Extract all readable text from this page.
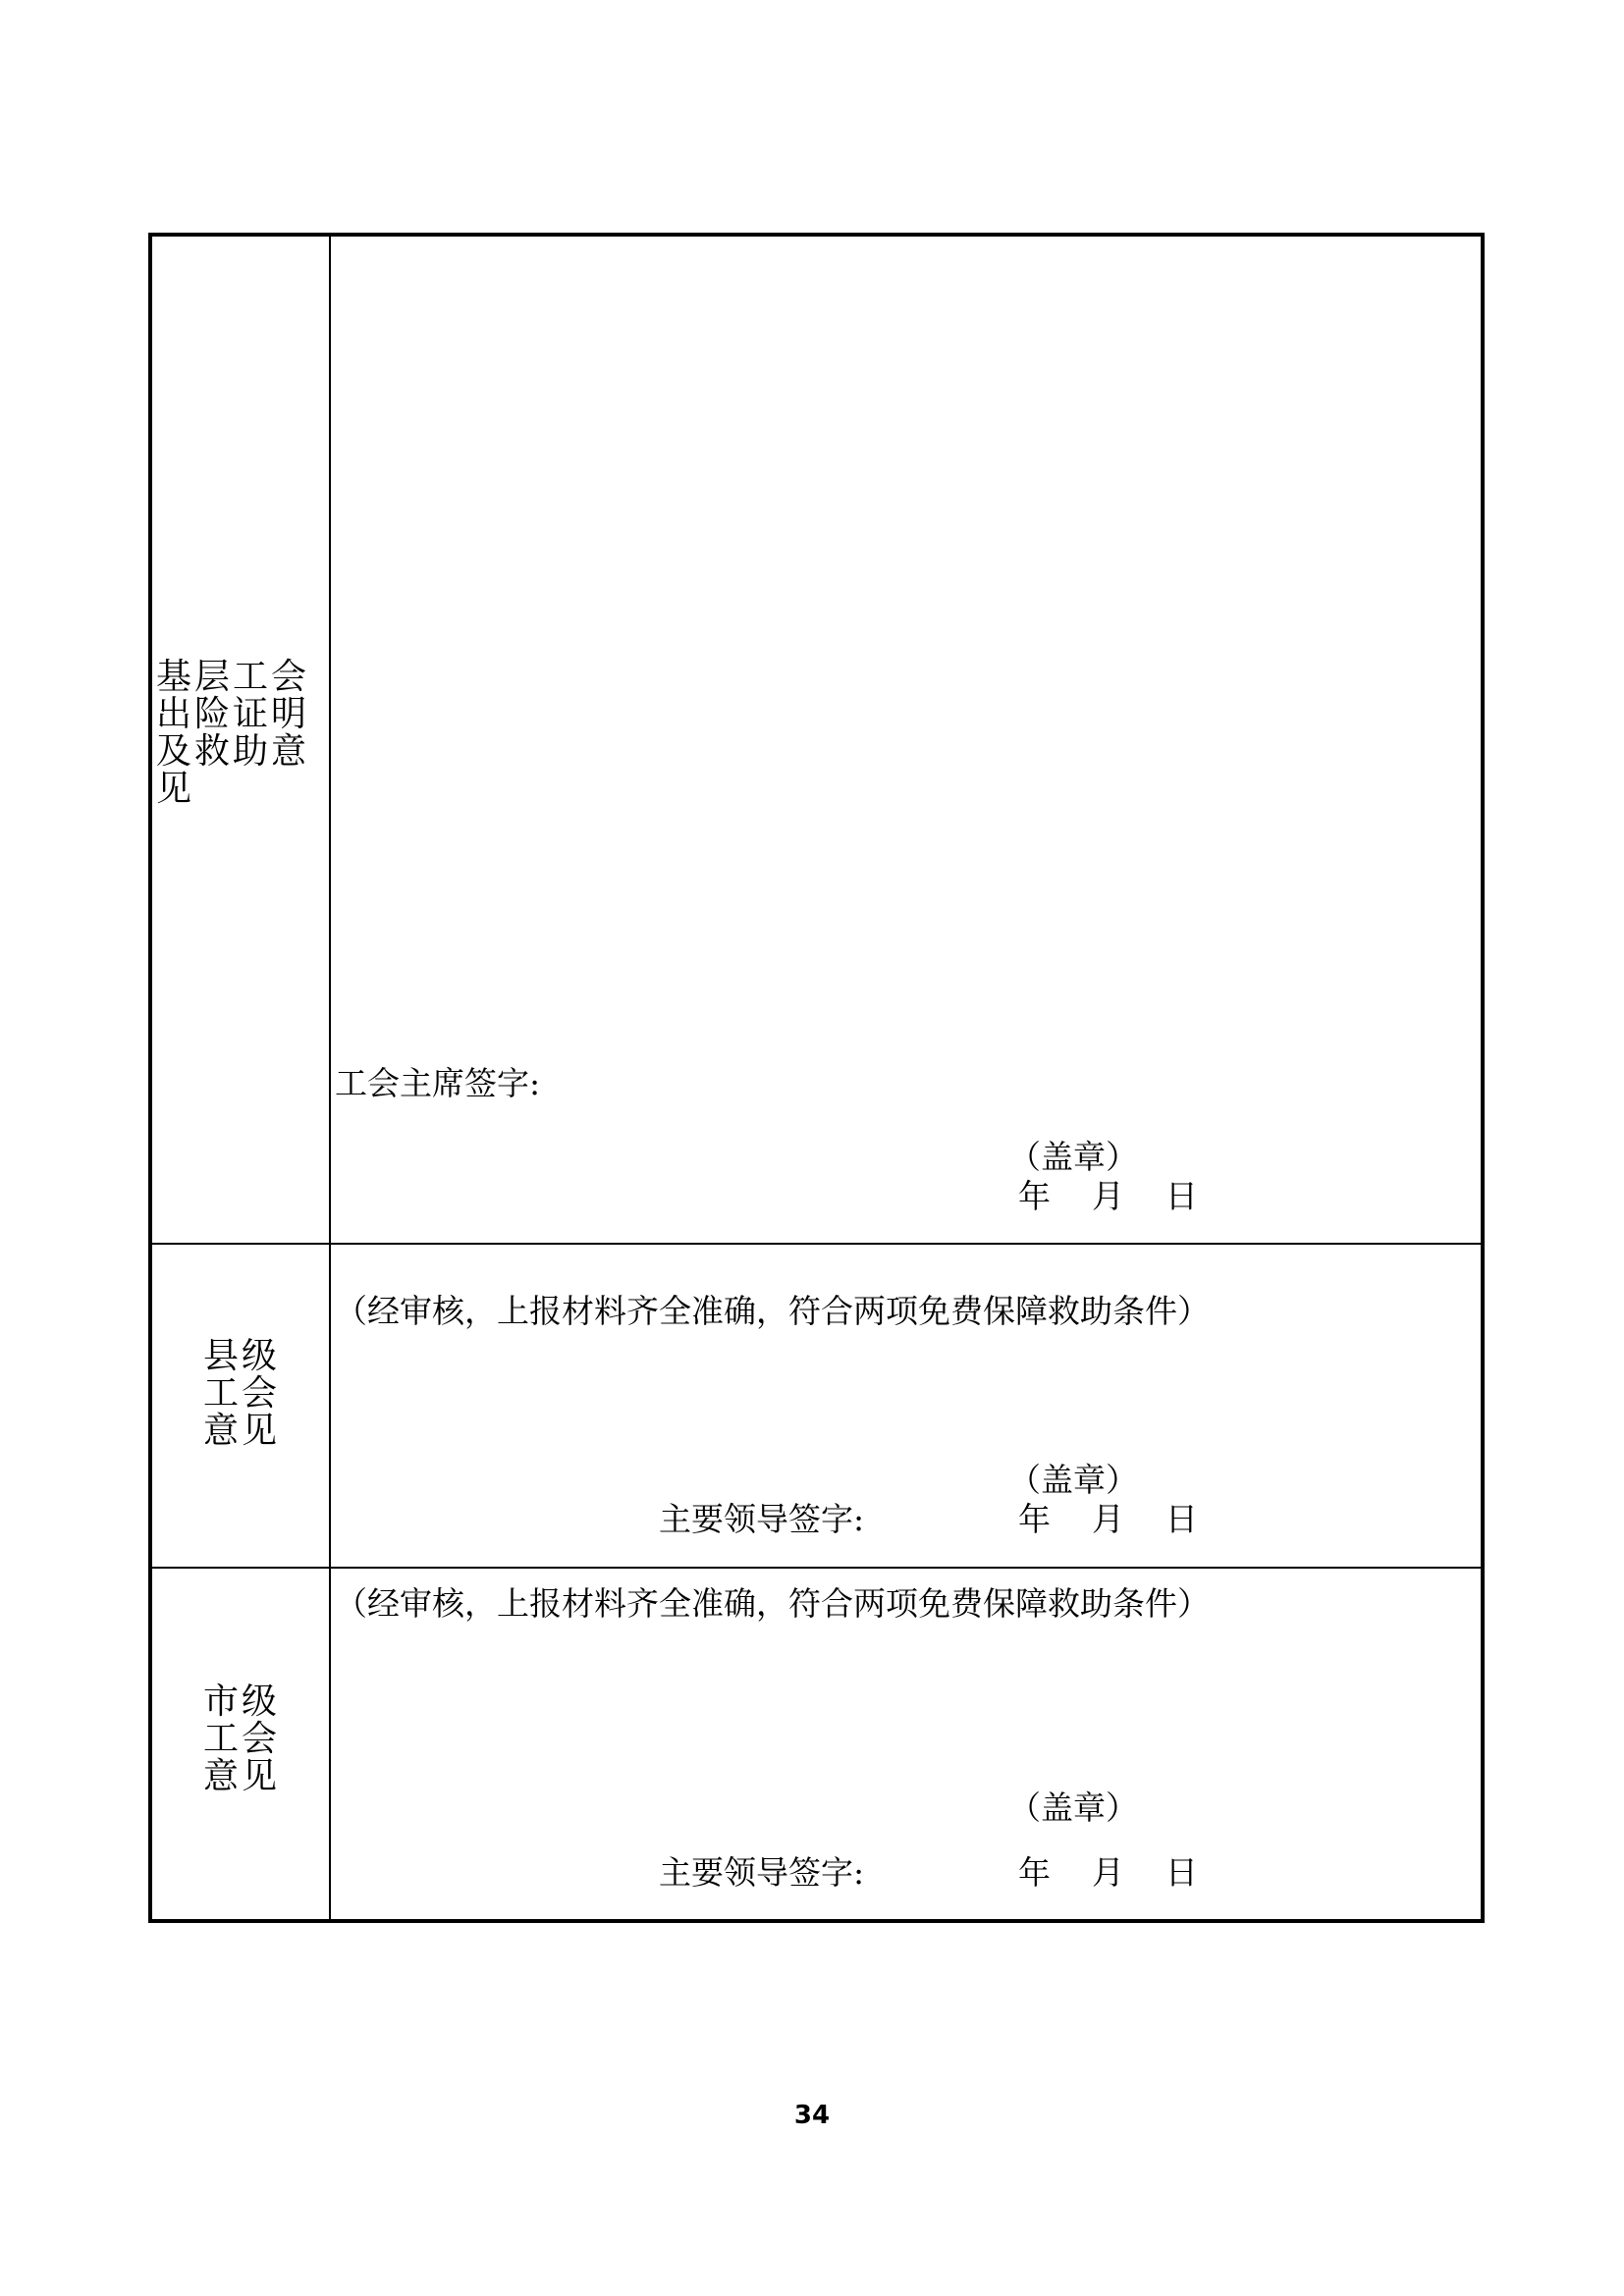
基层工会
出险证明
及救助意
见
工会主席签字:
（盖章）
年    月    日
县级
工会
意见
（经审核，上报材料齐全准确，符合两项免费保障救助条件）
（盖章）
主要领导签字:	年    月    日
市级
工会
意见
（经审核，上报材料齐全准确，符合两项免费保障救助条件）
（盖章）
主要领导签字:	年    月    日
34
